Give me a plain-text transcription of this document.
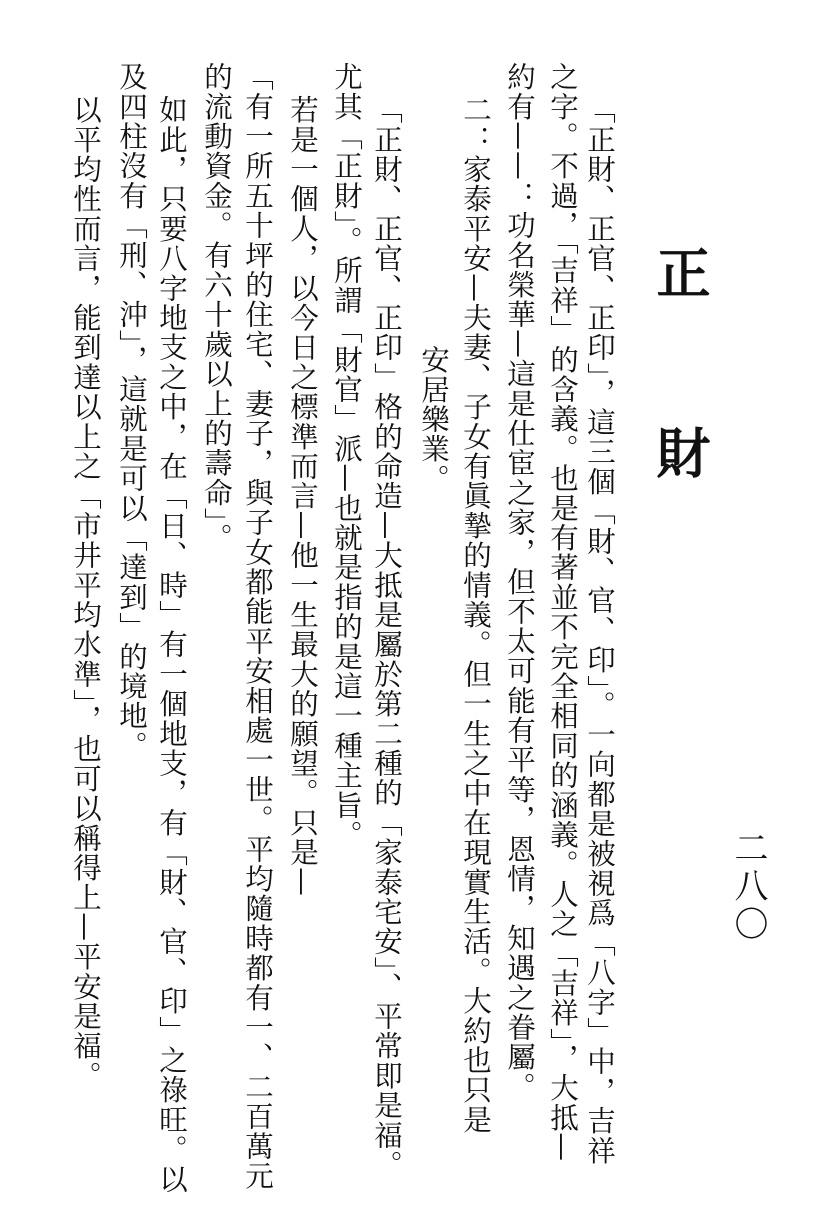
二八〇
正　財
「正財、正官、正印」，這三個「財、官、印」。一向都是被視爲「八字」中，吉祥
之字。不過，「吉祥」的含義。也是有著並不完全相同的涵義。人之「吉祥」，大抵—
約有——：功名榮華—這是仕宦之家，但不太可能有平等，恩情，知遇之眷屬。
二：家泰平安—夫妻、子女有眞摯的情義。但一生之中在現實生活。大約也只是
安居樂業。
「正財、正官、正印」格的命造—大抵是屬於第二種的「家泰宅安」、平常即是福。
尤其「正財」。所謂「財官」派—也就是指的是這一種主旨。
若是一個人，以今日之標準而言—他一生最大的願望。只是—
「有一所五十坪的住宅、妻子，與子女都能平安相處一世。平均隨時都有一、二百萬元
的流動資金。有六十歲以上的壽命」。
如此，只要八字地支之中，在「日、時」有一個地支，有「財、官、印」之祿旺。以
及四柱沒有「刑、沖」，這就是可以「達到」的境地。
以平均性而言，能到達以上之「市井平均水準」，也可以稱得上—平安是福。
